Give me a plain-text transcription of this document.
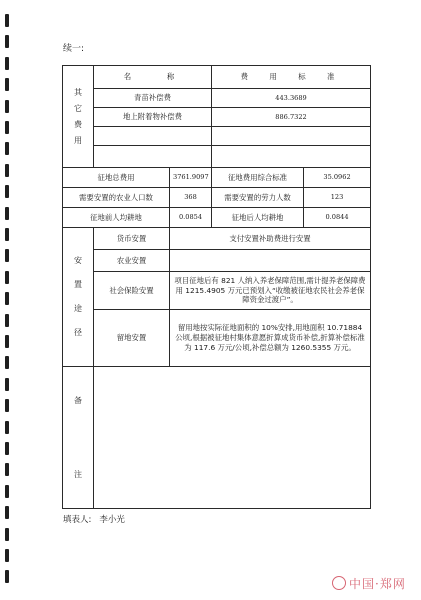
续一:
其

它

费

用	名　　称		费　用　标　准	
	青苗补偿费		443.3689	
	地上附着物补偿费		886.7322	

征地总费用		3761.9097	征地费用综合标准	35.0962
需要安置的农业人口数		368	需要安置的劳力人数	123
征地前人均耕地		0.0854	征地后人均耕地	0.0844

安

置

途

径	货币安置	支付安置补助费进行安置		
	农业安置			
	社会保险安置	项目征地后有 821 人纳入养老保障范围,需计提养老保障费用 1215.4905 万元已预划入“收缴被征地农民社会养老保障资金过渡户”。		
	留地安置	留用地按实际征地面积的 10%安排,用地面积 10.71884 公顷,根据被征地村集体意愿折算成货币补偿,折算补偿标准为 117.6 万元/公顷,补偿总额为 1260.5355 万元。		

备
注				

填表人: 李小光
中国·郑网
